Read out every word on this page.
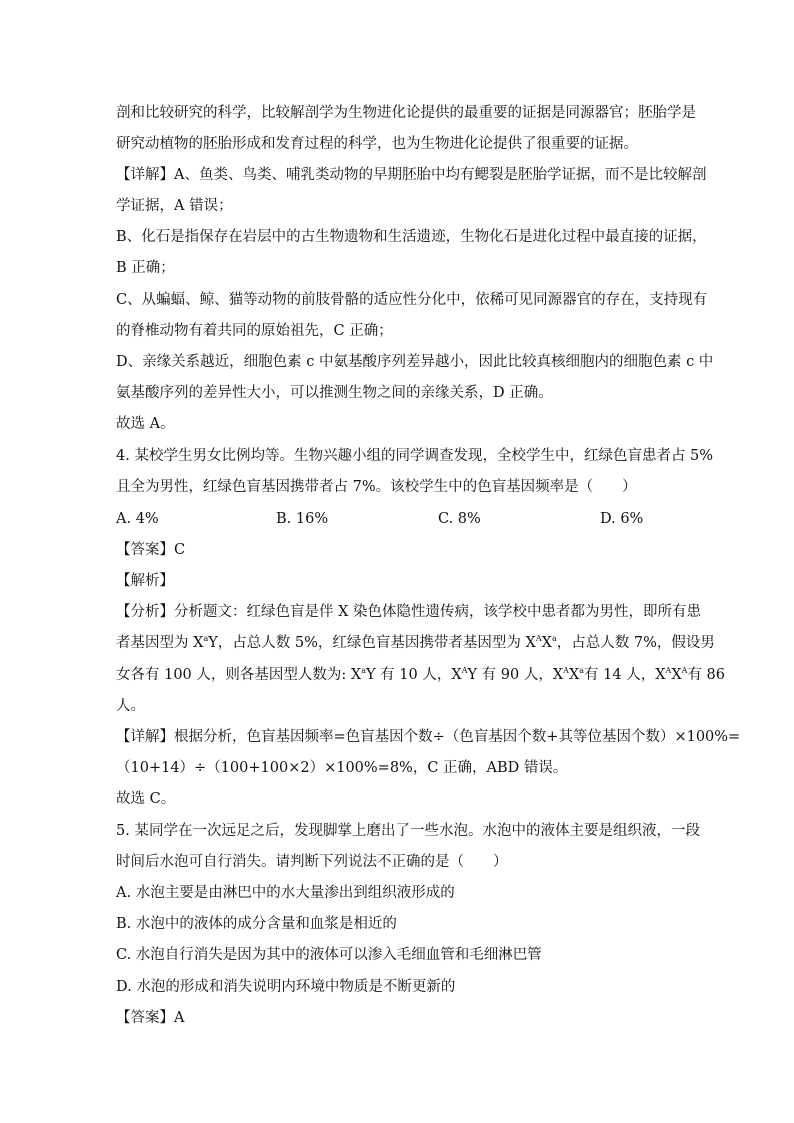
剖和比较研究的科学，比较解剖学为生物进化论提供的最重要的证据是同源器官；胚胎学是
研究动植物的胚胎形成和发育过程的科学，也为生物进化论提供了很重要的证据。
【详解】A、鱼类、鸟类、哺乳类动物的早期胚胎中均有鳃裂是胚胎学证据，而不是比较解剖
学证据，A 错误；
B、化石是指保存在岩层中的古生物遗物和生活遗迹，生物化石是进化过程中最直接的证据，
B 正确；
C、从蝙蝠、鲸、猫等动物的前肢骨骼的适应性分化中，依稀可见同源器官的存在，支持现有
的脊椎动物有着共同的原始祖先，C 正确；
D、亲缘关系越近，细胞色素 c 中氨基酸序列差异越小，因此比较真核细胞内的细胞色素 c 中
氨基酸序列的差异性大小，可以推测生物之间的亲缘关系，D 正确。
故选 A。
4. 某校学生男女比例均等。生物兴趣小组的同学调查发现，全校学生中，红绿色盲患者占 5%
且全为男性，红绿色盲基因携带者占 7%。该校学生中的色盲基因频率是（　　）
A. 4%	B. 16%	C. 8%	D. 6%
【答案】C
【解析】
【分析】分析题文：红绿色盲是伴 X 染色体隐性遗传病，该学校中患者都为男性，即所有患
者基因型为 $X^aY$，占总人数 5%，红绿色盲基因携带者基因型为 $X^AX^a$，占总人数 7%，假设男
女各有 100 人，则各基因型人数为: $X^aY$ 有 10 人，$X^AY$ 有 90 人，$X^AX^a$有 14 人，$X^AX^A$有 86
人。
【详解】根据分析，色盲基因频率=色盲基因个数÷（色盲基因个数+其等位基因个数）×100%=
（10+14）÷（100+100×2）×100%=8%，C 正确，ABD 错误。
故选 C。
5. 某同学在一次远足之后，发现脚掌上磨出了一些水泡。水泡中的液体主要是组织液，一段
时间后水泡可自行消失。请判断下列说法不正确的是（　　）
A. 水泡主要是由淋巴中的水大量渗出到组织液形成的
B. 水泡中的液体的成分含量和血浆是相近的
C. 水泡自行消失是因为其中的液体可以渗入毛细血管和毛细淋巴管
D. 水泡的形成和消失说明内环境中物质是不断更新的
【答案】A
